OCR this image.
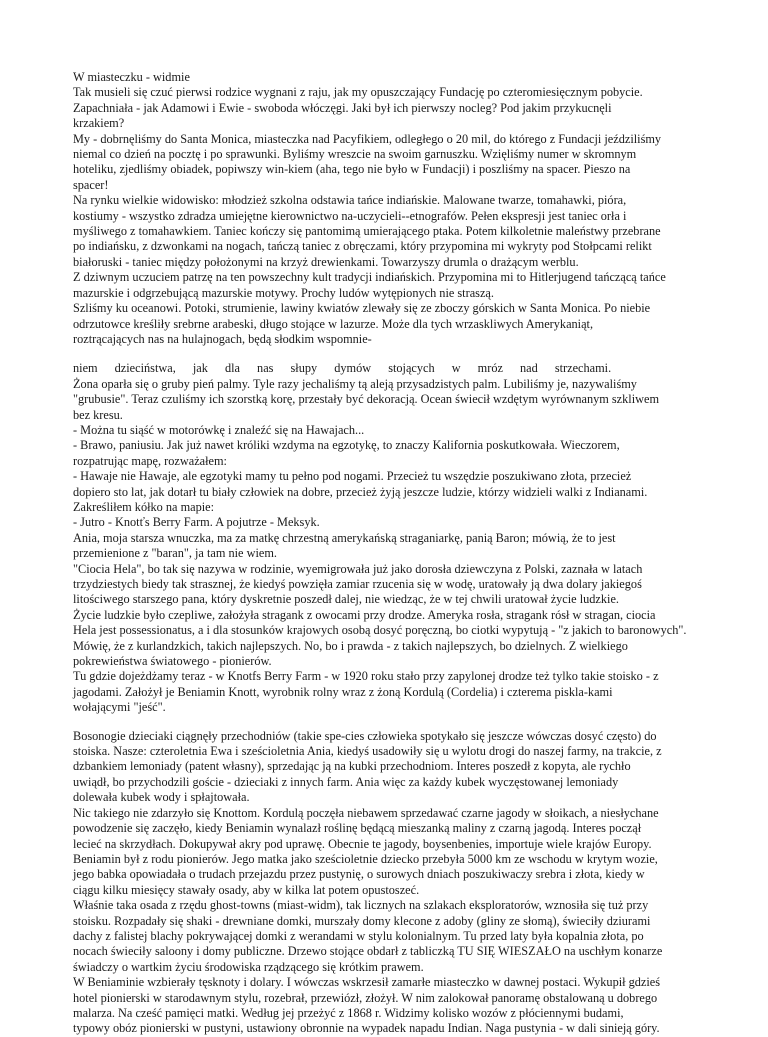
W miasteczku - widmie

Tak musieli się czuć pierwsi rodzice wygnani z raju, jak my opuszczający Fundację po czteromiesięcznym pobycie.

Zapachniała - jak Adamowi i Ewie - swoboda włóczęgi. Jaki był ich pierwszy nocleg? Pod jakim przykucnęli

krzakiem?

My - dobrnęliśmy do Santa Monica, miasteczka nad Pacyfikiem, odległego o 20 mil, do którego z Fundacji jeździliśmy

niemal co dzień na pocztę i po sprawunki. Byliśmy wreszcie na swoim garnuszku. Wzięliśmy numer w skromnym

hoteliku, zjedliśmy obiadek, popiwszy win-kiem (aha, tego nie było w Fundacji) i poszliśmy na spacer. Pieszo na

spacer!

Na rynku wielkie widowisko: młodzież szkolna odstawia tańce indiańskie. Malowane twarze, tomahawki, pióra,

kostiumy - wszystko zdradza umiejętne kierownictwo na-uczycieli--etnografów. Pełen ekspresji jest taniec orła i

myśliwego z tomahawkiem. Taniec kończy się pantomimą umierającego ptaka. Potem kilkoletnie maleństwy przebrane

po indiańsku, z dzwonkami na nogach, tańczą taniec z obręczami, który przypomina mi wykryty pod Stołpcami relikt

białoruski - taniec między położonymi na krzyż drewienkami. Towarzyszy drumla o drażącym werblu.

Z dziwnym uczuciem patrzę na ten powszechny kult tradycji indiańskich. Przypomina mi to Hitlerjugend tańczącą tańce

mazurskie i odgrzebującą mazurskie motywy. Prochy ludów wytępionych nie straszą.

Szliśmy ku oceanowi. Potoki, strumienie, lawiny kwiatów zlewały się ze zboczy górskich w Santa Monica. Po niebie

odrzutowce kreśliły srebrne arabeski, długo stojące w lazurze. Może dla tych wrzaskliwych Amerykaniąt,

roztrącających nas na hulajnogach, będą słodkim wspomnie-

niem dzieciństwa, jak dla nas słupy dymów stojących w mróz nad strzechami.

Żona oparła się o gruby pień palmy. Tyle razy jechaliśmy tą aleją przysadzistych palm. Lubiliśmy je, nazywaliśmy

"grubusie". Teraz czuliśmy ich szorstką korę, przestały być dekoracją. Ocean świecił wzdętym wyrównanym szkliwem

bez kresu.

- Można tu siąść w motorówkę i znaleźć się na Hawajach...

- Brawo, paniusiu. Jak już nawet króliki wzdyma na egzotykę, to znaczy Kalifornia poskutkowała. Wieczorem,

rozpatrując mapę, rozważałem:

- Hawaje nie Hawaje, ale egzotyki mamy tu pełno pod nogami. Przecież tu wszędzie poszukiwano złota, przecież

dopiero sto lat, jak dotarł tu biały człowiek na dobre, przecież żyją jeszcze ludzie, którzy widzieli walki z Indianami.

Zakreśliłem kółko na mapie:

- Jutro - Knotťs Berry Farm. A pojutrze - Meksyk.

Ania, moja starsza wnuczka, ma za matkę chrzestną amerykańską straganiarkę, panią Baron; mówią, że to jest

przemienione z "baran", ja tam nie wiem.

"Ciocia Hela", bo tak się nazywa w rodzinie, wyemigrowała już jako dorosła dziewczyna z Polski, zaznała w latach

trzydziestych biedy tak strasznej, że kiedyś powzięła zamiar rzucenia się w wodę, uratowały ją dwa dolary jakiegoś

litościwego starszego pana, który dyskretnie poszedł dalej, nie wiedząc, że w tej chwili uratował życie ludzkie.

Życie ludzkie było czepliwe, założyła stragank z owocami przy drodze. Ameryka rosła, stragank rósł w stragan, ciocia

Hela jest possessionatus, a i dla stosunków krajowych osobą dosyć poręczną, bo ciotki wypytują - "z jakich to baronowych".

Mówię, że z kurlandzkich, takich najlepszych. No, bo i prawda - z takich najlepszych, bo dzielnych. Z wielkiego

pokrewieństwa światowego - pionierów.

Tu gdzie dojeżdżamy teraz - w Knotfs Berry Farm - w 1920 roku stało przy zapylonej drodze też tylko takie stoisko - z

jagodami. Założył je Beniamin Knott, wyrobnik rolny wraz z żoną Kordulą (Cordelia) i czterema piskla-kami

wołającymi "jeść".

Bosonogie dzieciaki ciągnęły przechodniów (takie spe-cies człowieka spotykało się jeszcze wówczas dosyć często) do

stoiska. Nasze: czteroletnia Ewa i sześcioletnia Ania, kiedyś usadowiły się u wylotu drogi do naszej farmy, na trakcie, z

dzbankiem lemoniady (patent własny), sprzedając ją na kubki przechodniom. Interes poszedł z kopyta, ale rychło

uwiądł, bo przychodzili goście - dzieciaki z innych farm. Ania więc za każdy kubek wyczęstowanej lemoniady

dolewała kubek wody i spłajtowała.

Nic takiego nie zdarzyło się Knottom. Kordulą poczęła niebawem sprzedawać czarne jagody w słoikach, a niesłychane

powodzenie się zaczęło, kiedy Beniamin wynalazł roślinę będącą mieszanką maliny z czarną jagodą. Interes począł

lecieć na skrzydłach. Dokupywał akry pod uprawę. Obecnie te jagody, boysenbenies, importuje wiele krajów Europy.

Beniamin był z rodu pionierów. Jego matka jako sześcioletnie dziecko przebyła 5000 km ze wschodu w krytym wozie,

jego babka opowiadała o trudach przejazdu przez pustynię, o surowych dniach poszukiwaczy srebra i złota, kiedy w

ciągu kilku miesięcy stawały osady, aby w kilka lat potem opustoszeć.

Właśnie taka osada z rzędu ghost-towns (miast-widm), tak licznych na szlakach eksploratorów, wznosiła się tuż przy

stoisku. Rozpadały się shaki - drewniane domki, murszały domy klecone z adoby (gliny ze słomą), świeciły dziurami

dachy z falistej blachy pokrywającej domki z werandami w stylu kolonialnym. Tu przed laty była kopalnia złota, po

nocach świeciły saloony i domy publiczne. Drzewo stojące obdarł z tabliczką TU SIĘ WIESZAŁO na uschłym konarze

świadczy o wartkim życiu środowiska rządzącego się krótkim prawem.

W Beniaminie wzbierały tęsknoty i dolary. I wówczas wskrzesił zamarłe miasteczko w dawnej postaci. Wykupił gdzieś

hotel pionierski w starodawnym stylu, rozebrał, przewiózł, złożył. W nim zalokował panoramę obstalowaną u dobrego

malarza. Na cześć pamięci matki. Według jej przeżyć z 1868 r. Widzimy kolisko wozów z płóciennymi budami,

typowy obóz pionierski w pustyni, ustawiony obronnie na wypadek napadu Indian. Naga pustynia - w dali sinieją góry.
